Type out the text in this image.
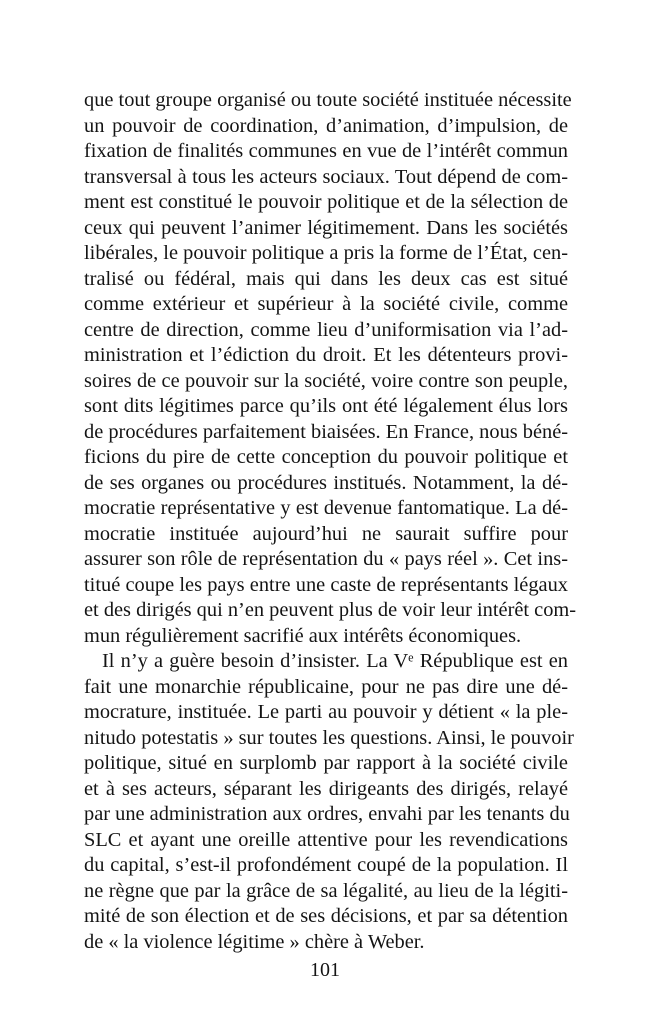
que tout groupe organisé ou toute société instituée nécessite
un pouvoir de coordination, d’animation, d’impulsion, de
fixation de finalités communes en vue de l’intérêt commun
transversal à tous les acteurs sociaux. Tout dépend de com-
ment est constitué le pouvoir politique et de la sélection de
ceux qui peuvent l’animer légitimement. Dans les sociétés
libérales, le pouvoir politique a pris la forme de l’État, cen-
tralisé ou fédéral, mais qui dans les deux cas est situé
comme extérieur et supérieur à la société civile, comme
centre de direction, comme lieu d’uniformisation via l’ad-
ministration et l’édiction du droit. Et les détenteurs provi-
soires de ce pouvoir sur la société, voire contre son peuple,
sont dits légitimes parce qu’ils ont été légalement élus lors
de procédures parfaitement biaisées. En France, nous béné-
ficions du pire de cette conception du pouvoir politique et
de ses organes ou procédures institués. Notamment, la dé-
mocratie représentative y est devenue fantomatique. La dé-
mocratie instituée aujourd’hui ne saurait suffire pour
assurer son rôle de représentation du « pays réel ». Cet ins-
titué coupe les pays entre une caste de représentants légaux
et des dirigés qui n’en peuvent plus de voir leur intérêt com-
mun régulièrement sacrifié aux intérêts économiques.
Il n’y a guère besoin d’insister. La Vᵉ République est en
fait une monarchie républicaine, pour ne pas dire une dé-
mocrature, instituée. Le parti au pouvoir y détient « la ple-
nitudo potestatis » sur toutes les questions. Ainsi, le pouvoir
politique, situé en surplomb par rapport à la société civile
et à ses acteurs, séparant les dirigeants des dirigés, relayé
par une administration aux ordres, envahi par les tenants du
SLC et ayant une oreille attentive pour les revendications
du capital, s’est-il profondément coupé de la population. Il
ne règne que par la grâce de sa légalité, au lieu de la légiti-
mité de son élection et de ses décisions, et par sa détention
de « la violence légitime » chère à Weber.
101
